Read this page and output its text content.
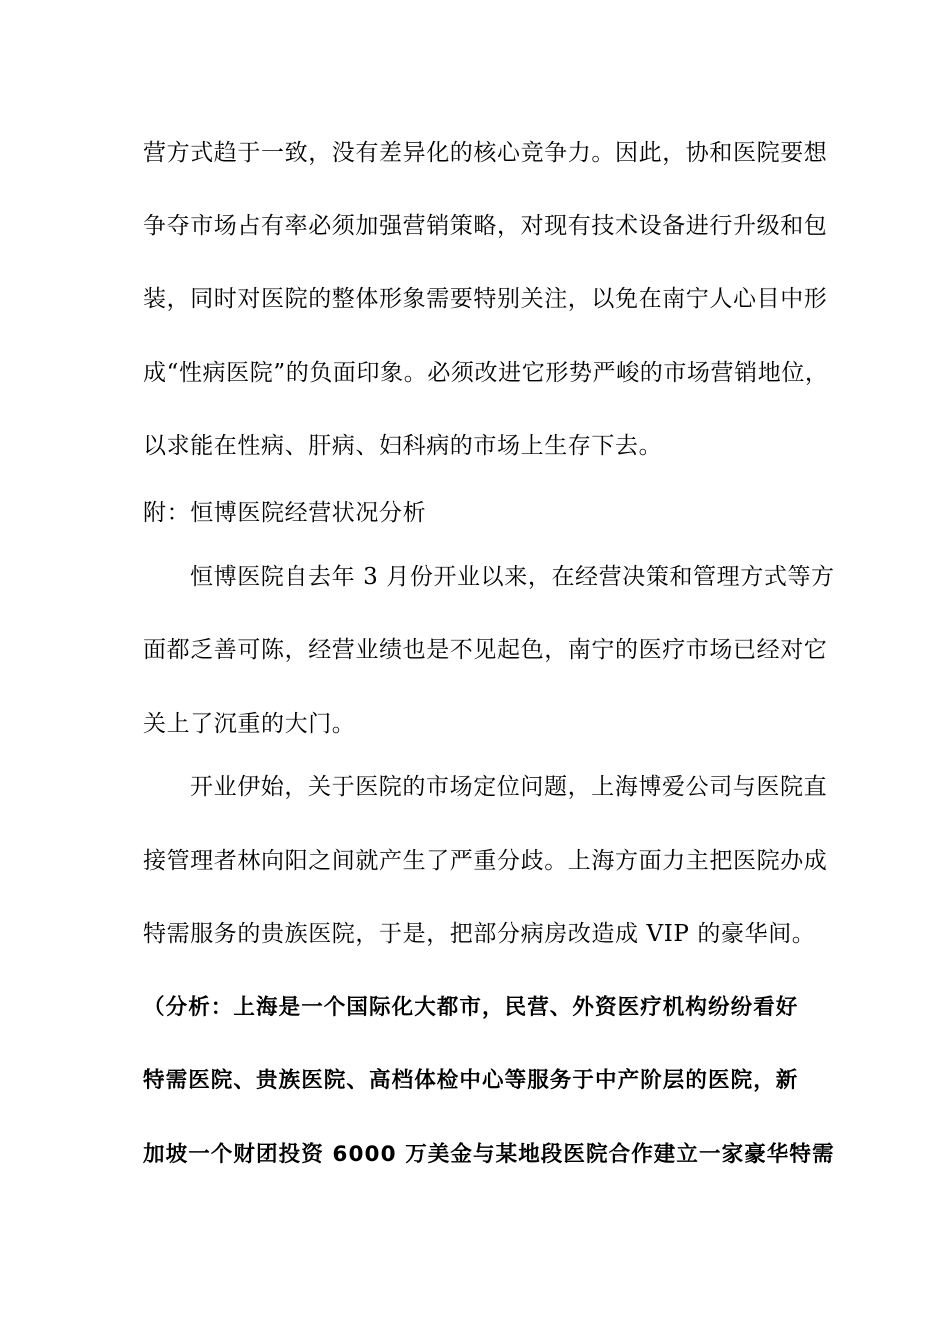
营方式趋于一致，没有差异化的核心竞争力。因此，协和医院要想
争夺市场占有率必须加强营销策略，对现有技术设备进行升级和包
装，同时对医院的整体形象需要特别关注，以免在南宁人心目中形
成“性病医院”的负面印象。必须改进它形势严峻的市场营销地位，
以求能在性病、肝病、妇科病的市场上生存下去。
附：恒博医院经营状况分析
恒博医院自去年 3 月份开业以来，在经营决策和管理方式等方
面都乏善可陈，经营业绩也是不见起色，南宁的医疗市场已经对它
关上了沉重的大门。
开业伊始，关于医院的市场定位问题，上海博爱公司与医院直
接管理者林向阳之间就产生了严重分歧。上海方面力主把医院办成
特需服务的贵族医院，于是，把部分病房改造成 VIP 的豪华间。
（分析：上海是一个国际化大都市，民营、外资医疗机构纷纷看好
特需医院、贵族医院、高档体检中心等服务于中产阶层的医院，新
加坡一个财团投资 6000 万美金与某地段医院合作建立一家豪华特需
